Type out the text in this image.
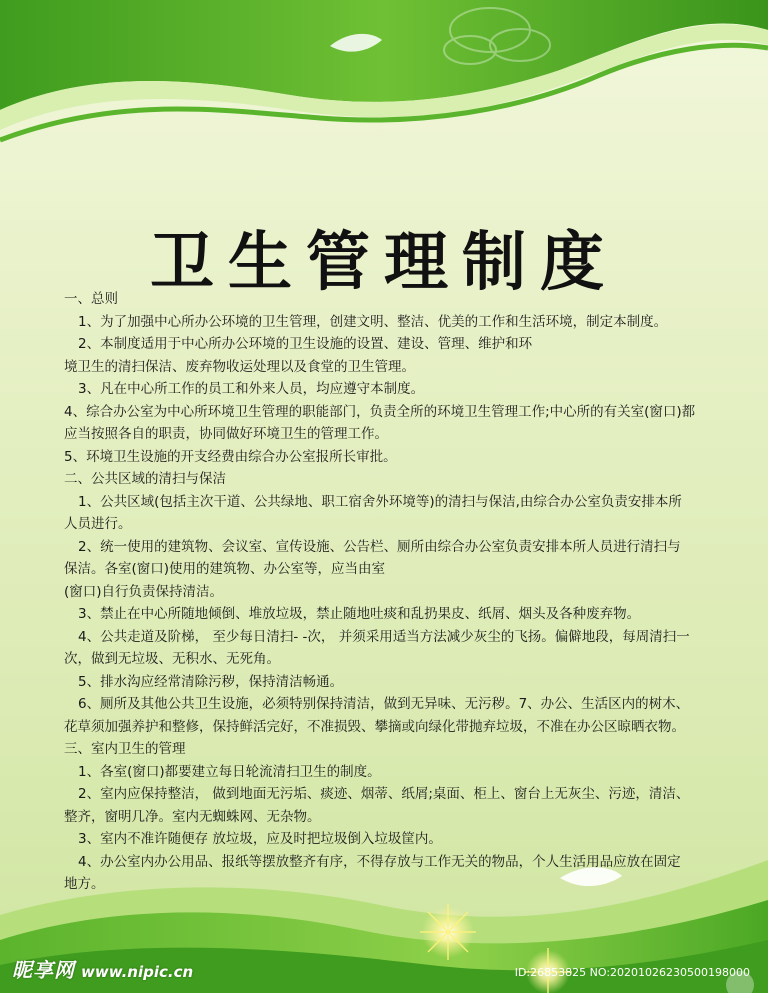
卫生管理制度
一、总则
1、为了加强中心所办公环境的卫生管理，创建文明、整洁、优美的工作和生活环境，制定本制度。
2、本制度适用于中心所办公环境的卫生设施的设置、建设、管理、维护和环
境卫生的清扫保洁、废弃物收运处理以及食堂的卫生管理。
3、凡在中心所工作的员工和外来人员，均应遵守本制度。
4、综合办公室为中心所环境卫生管理的职能部门，负责全所的环境卫生管理工作;中心所的有关室(窗口)都
应当按照各自的职责，协同做好环境卫生的管理工作。
5、环境卫生设施的开支经费由综合办公室报所长审批。
二、公共区域的清扫与保洁
1、公共区域(包括主次干道、公共绿地、职工宿舍外环境等)的清扫与保洁,由综合办公室负责安排本所
人员进行。
2、统一使用的建筑物、会议室、宣传设施、公告栏、厕所由综合办公室负责安排本所人员进行清扫与
保洁。各室(窗口)使用的建筑物、办公室等，应当由室
(窗口)自行负责保持清洁。
3、禁止在中心所随地倾倒、堆放垃圾，禁止随地吐痰和乱扔果皮、纸屑、烟头及各种废弃物。
4、公共走道及阶梯， 至少每日清扫- -次， 并须采用适当方法减少灰尘的飞扬。偏僻地段，每周清扫一
次，做到无垃圾、无积水、无死角。
5、排水沟应经常清除污秽，保持清洁畅通。
6、厕所及其他公共卫生设施，必须特别保持清洁，做到无异味、无污秽。7、办公、生活区内的树木、
花草须加强养护和整修，保持鲜活完好，不准损毁、攀摘或向绿化带抛弃垃圾，不准在办公区晾晒衣物。
三、室内卫生的管理
1、各室(窗口)都要建立每日轮流清扫卫生的制度。
2、室内应保持整洁， 做到地面无污垢、痰迹、烟蒂、纸屑;桌面、柜上、窗台上无灰尘、污迹，清洁、
整齐，窗明几净。室内无蜘蛛网、无杂物。
3、室内不准许随便存 放垃圾，应及时把垃圾倒入垃圾筐内。
4、办公室内办公用品、报纸等摆放整齐有序，不得存放与工作无关的物品，个人生活用品应放在固定
地方。
昵享网 www.nipic.cn	ID:26853825 NO:20201026230500198000
